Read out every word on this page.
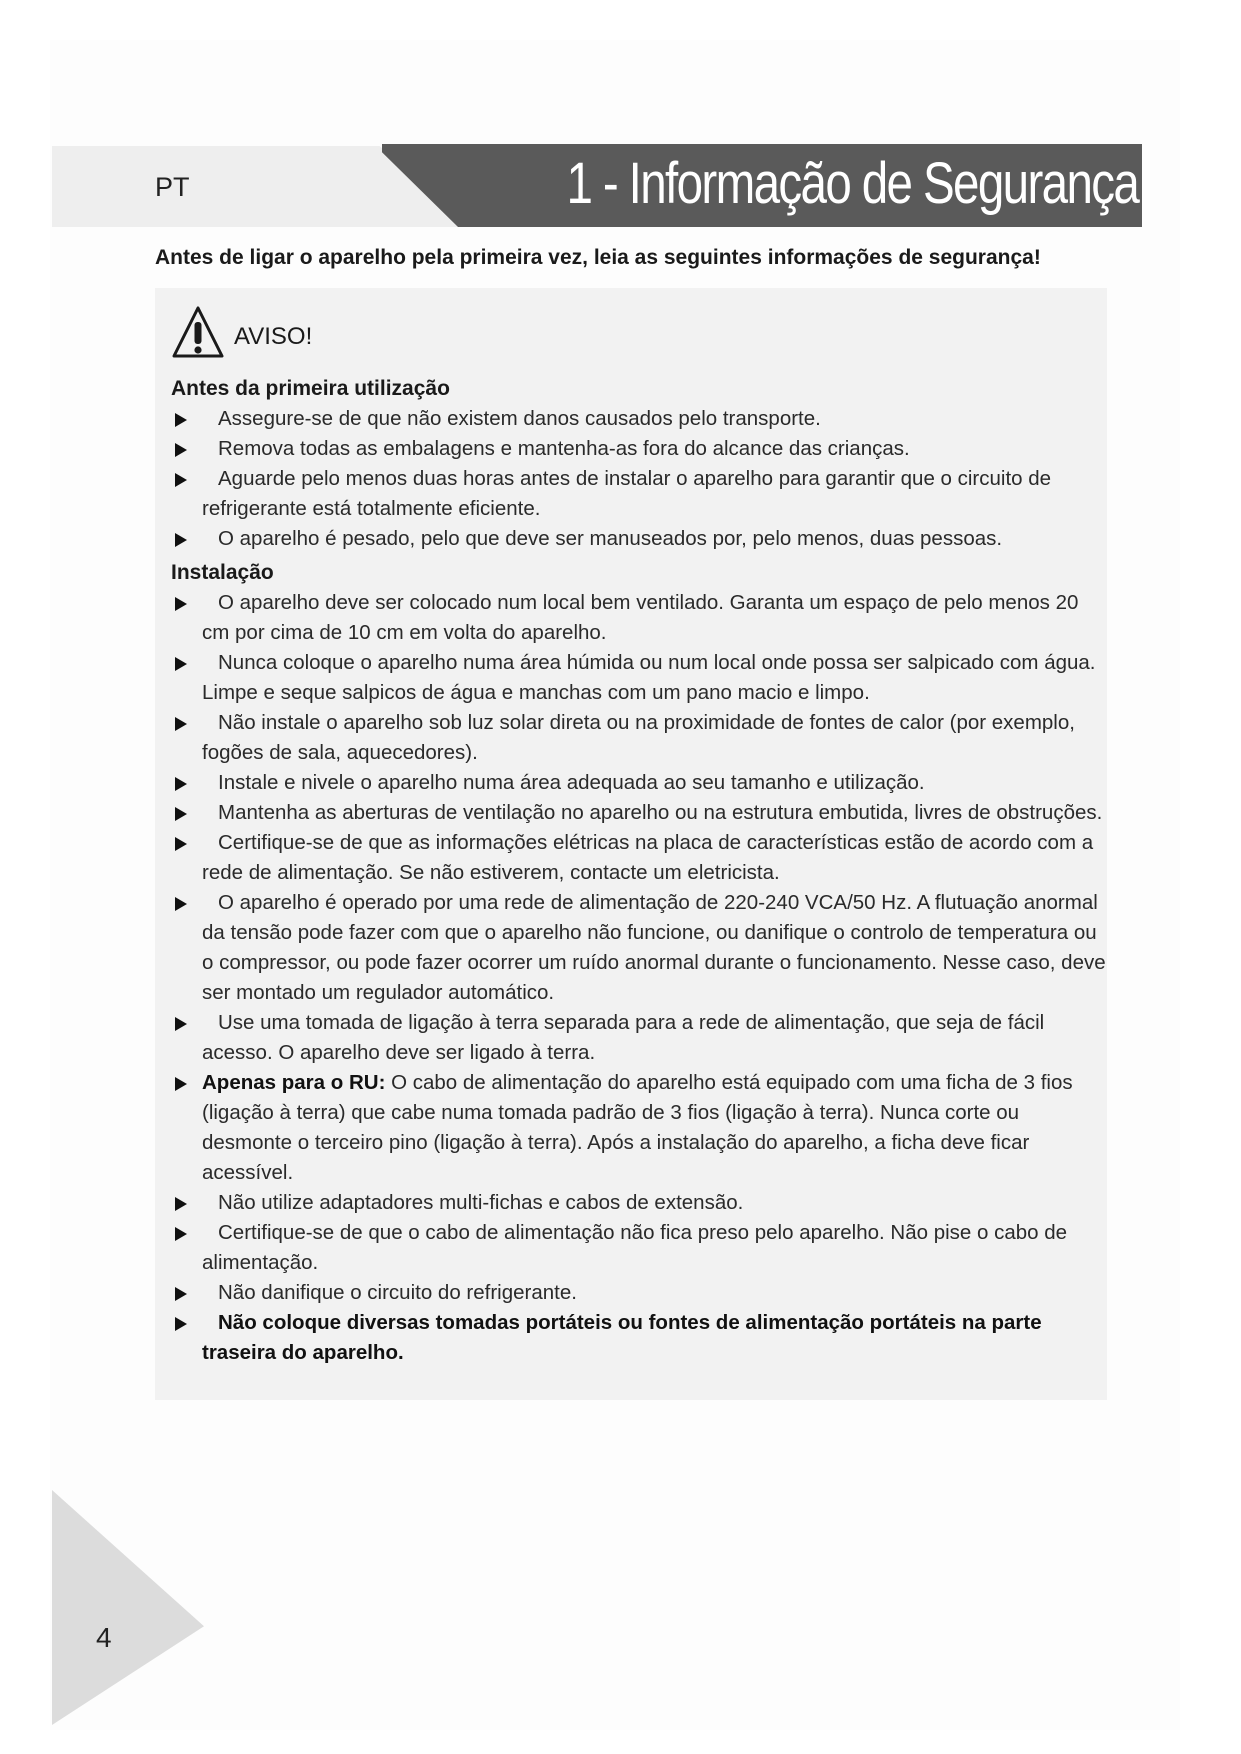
PT	1 - Informação de Segurança
Antes de ligar o aparelho pela primeira vez, leia as seguintes informações de segurança!
AVISO!
Antes da primeira utilização
Assegure-se de que não existem danos causados pelo transporte.
Remova todas as embalagens e mantenha-as fora do alcance das crianças.
Aguarde pelo menos duas horas antes de instalar o aparelho para garantir que o circuito de refrigerante está totalmente eficiente.
O aparelho é pesado, pelo que deve ser manuseados por, pelo menos, duas pessoas.
Instalação
O aparelho deve ser colocado num local bem ventilado. Garanta um espaço de pelo menos 20 cm por cima de 10 cm em volta do aparelho.
Nunca coloque o aparelho numa área húmida ou num local onde possa ser salpicado com água. Limpe e seque salpicos de água e manchas com um pano macio e limpo.
Não instale o aparelho sob luz solar direta ou na proximidade de fontes de calor (por exemplo, fogões de sala, aquecedores).
Instale e nivele o aparelho numa área adequada ao seu tamanho e utilização.
Mantenha as aberturas de ventilação no aparelho ou na estrutura embutida, livres de obstruções.
Certifique-se de que as informações elétricas na placa de características estão de acordo com a rede de alimentação. Se não estiverem, contacte um eletricista.
O aparelho é operado por uma rede de alimentação de 220-240 VCA/50 Hz. A flutuação anormal da tensão pode fazer com que o aparelho não funcione, ou danifique o controlo de temperatura ou o compressor, ou pode fazer ocorrer um ruído anormal durante o funcionamento. Nesse caso, deve ser montado um regulador automático.
Use uma tomada de ligação à terra separada para a rede de alimentação, que seja de fácil acesso. O aparelho deve ser ligado à terra.
Apenas para o RU: O cabo de alimentação do aparelho está equipado com uma ficha de 3 fios (ligação à terra) que cabe numa tomada padrão de 3 fios (ligação à terra). Nunca corte ou desmonte o terceiro pino (ligação à terra). Após a instalação do aparelho, a ficha deve ficar acessível.
Não utilize adaptadores multi-fichas e cabos de extensão.
Certifique-se de que o cabo de alimentação não fica preso pelo aparelho. Não pise o cabo de alimentação.
Não danifique o circuito do refrigerante.
Não coloque diversas tomadas portáteis ou fontes de alimentação portáteis na parte traseira do aparelho.
4
